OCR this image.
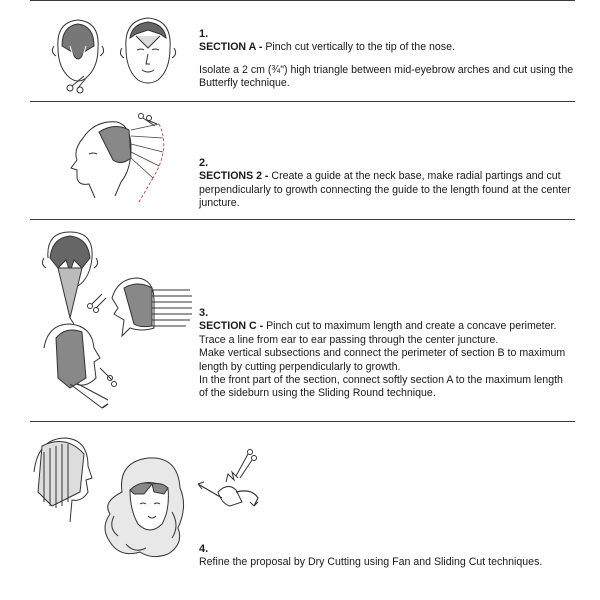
1.
SECTION A - Pinch cut vertically to the tip of the nose.
Isolate a 2 cm (¾") high triangle between mid-eyebrow arches and cut using the Butterfly technique.
2.
SECTIONS 2 - Create a guide at the neck base, make radial partings and cut perpendicularly to growth connecting the guide to the length found at the center juncture.
3.
SECTION C - Pinch cut to maximum length and create a concave perimeter.
Trace a line from ear to ear passing through the center juncture.
Make vertical subsections and connect the perimeter of section B to maximum length by cutting perpendicularly to growth.
In the front part of the section, connect softly section A to the maximum length of the sideburn using the Sliding Round technique.
4.
Refine the proposal by Dry Cutting using Fan and Sliding Cut techniques.
